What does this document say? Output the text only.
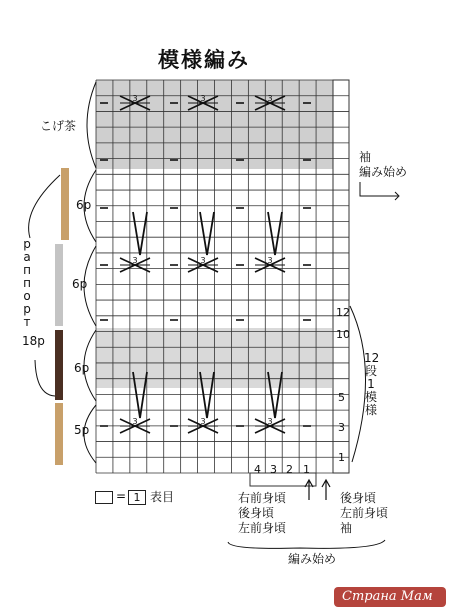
3	3	3
3	3	3
3	3	3
模様編み
こげ茶
袖
編み始め
р
а
п
п
о
р
т
18р
6р
6р
6р
5р
12
10
5
3
1
4 3 2 1
12段1模様
= 1 表目	右前身頃
後身頃
左前身頃
後身頃
左前身頃
袖
編み始め
Страна Мам
